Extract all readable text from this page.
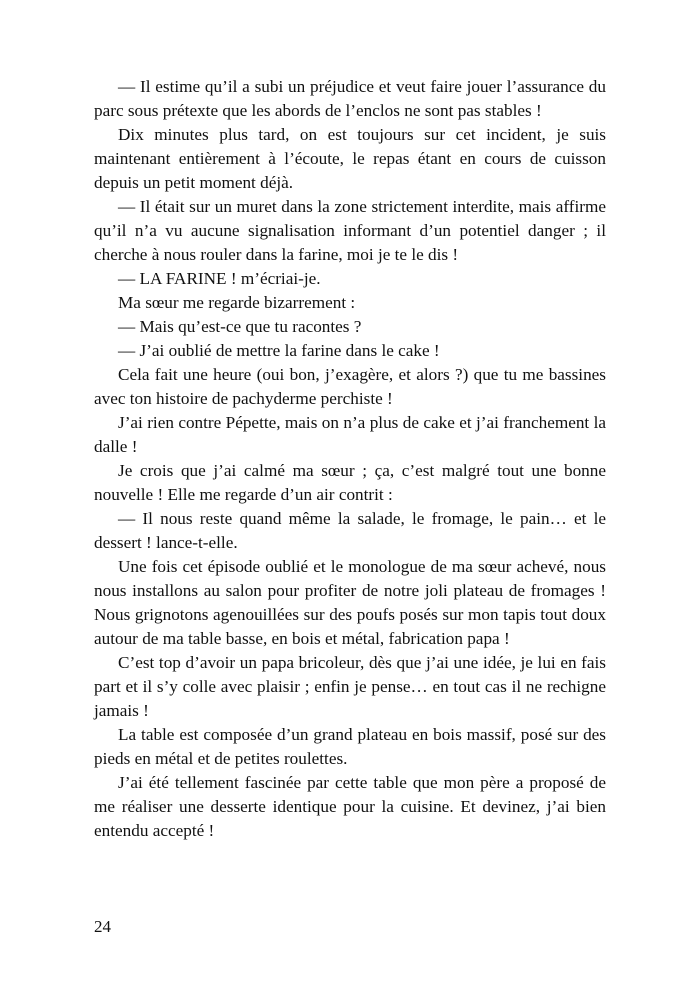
— Il estime qu’il a subi un préjudice et veut faire jouer l’assurance du parc sous prétexte que les abords de l’enclos ne sont pas stables !

Dix minutes plus tard, on est toujours sur cet incident, je suis maintenant entièrement à l’écoute, le repas étant en cours de cuisson depuis un petit moment déjà.

— Il était sur un muret dans la zone strictement interdite, mais affirme qu’il n’a vu aucune signalisation informant d’un potentiel danger ; il cherche à nous rouler dans la farine, moi je te le dis !

— LA FARINE ! m’écriai-je.

Ma sœur me regarde bizarrement :

— Mais qu’est-ce que tu racontes ?

— J’ai oublié de mettre la farine dans le cake !

Cela fait une heure (oui bon, j’exagère, et alors ?) que tu me bassines avec ton histoire de pachyderme perchiste !

J’ai rien contre Pépette, mais on n’a plus de cake et j’ai franchement la dalle !

Je crois que j’ai calmé ma sœur ; ça, c’est malgré tout une bonne nouvelle ! Elle me regarde d’un air contrit :

— Il nous reste quand même la salade, le fromage, le pain… et le dessert ! lance-t-elle.

Une fois cet épisode oublié et le monologue de ma sœur achevé, nous nous installons au salon pour profiter de notre joli plateau de fromages ! Nous grignotons agenouillées sur des poufs posés sur mon tapis tout doux autour de ma table basse, en bois et métal, fabrication papa !

C’est top d’avoir un papa bricoleur, dès que j’ai une idée, je lui en fais part et il s’y colle avec plaisir ; enfin je pense… en tout cas il ne rechigne jamais !

La table est composée d’un grand plateau en bois massif, posé sur des pieds en métal et de petites roulettes.

J’ai été tellement fascinée par cette table que mon père a proposé de me réaliser une desserte identique pour la cuisine. Et devinez, j’ai bien entendu accepté !

24
